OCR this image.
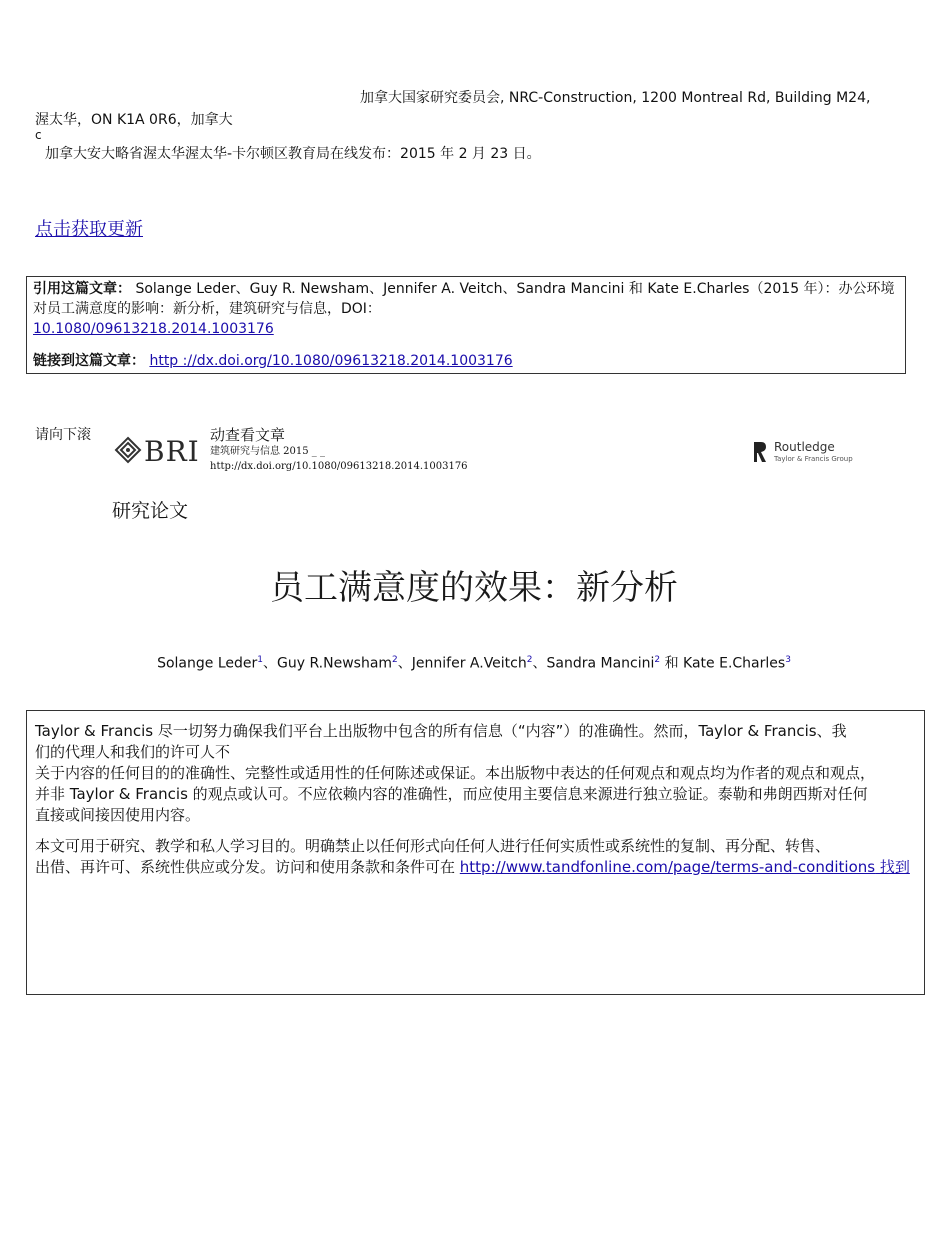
加拿大国家研究委员会, NRC-Construction, 1200 Montreal Rd, Building M24,
渥太华，ON K1A 0R6，加拿大
c
加拿大安大略省渥太华渥太华-卡尔顿区教育局在线发布：2015 年 2 月 23 日。
点击获取更新
引用这篇文章： Solange Leder、Guy R. Newsham、Jennifer A. Veitch、Sandra Mancini 和 Kate E.Charles（2015 年）：办公环境对员工满意度的影响：新分析，建筑研究与信息，DOI：
10.1080/09613218.2014.1003176
链接到这篇文章： http ://dx.doi.org/10.1080/09613218.2014.1003176
请向下滚 BRI 动查看文章
建筑研究与信息 2015 _ _
http://dx.doi.org/10.1080/09613218.2014.1003176
Routledge
Taylor & Francis Group
研究论文
员工满意度的效果：新分析
Solange Leder$^1$、Guy R.Newsham$^2$、Jennifer A.Veitch$^2$、Sandra Mancini$^2$ 和 Kate E.Charles$^3$

Taylor & Francis 尽一切努力确保我们平台上出版物中包含的所有信息（“内容”）的准确性。然而，Taylor & Francis、我
们的代理人和我们的许可人不
关于内容的任何目的的准确性、完整性或适用性的任何陈述或保证。本出版物中表达的任何观点和观点均为作者的观点和观点，
并非 Taylor & Francis 的观点或认可。不应依赖内容的准确性，而应使用主要信息来源进行独立验证。泰勒和弗朗西斯对任何
直接或间接因使用内容。

本文可用于研究、教学和私人学习目的。明确禁止以任何形式向任何人进行任何实质性或系统性的复制、再分配、转售、
出借、再许可、系统性供应或分发。访问和使用条款和条件可在 http://www.tandfonline.com/page/terms-and-conditions 找到
